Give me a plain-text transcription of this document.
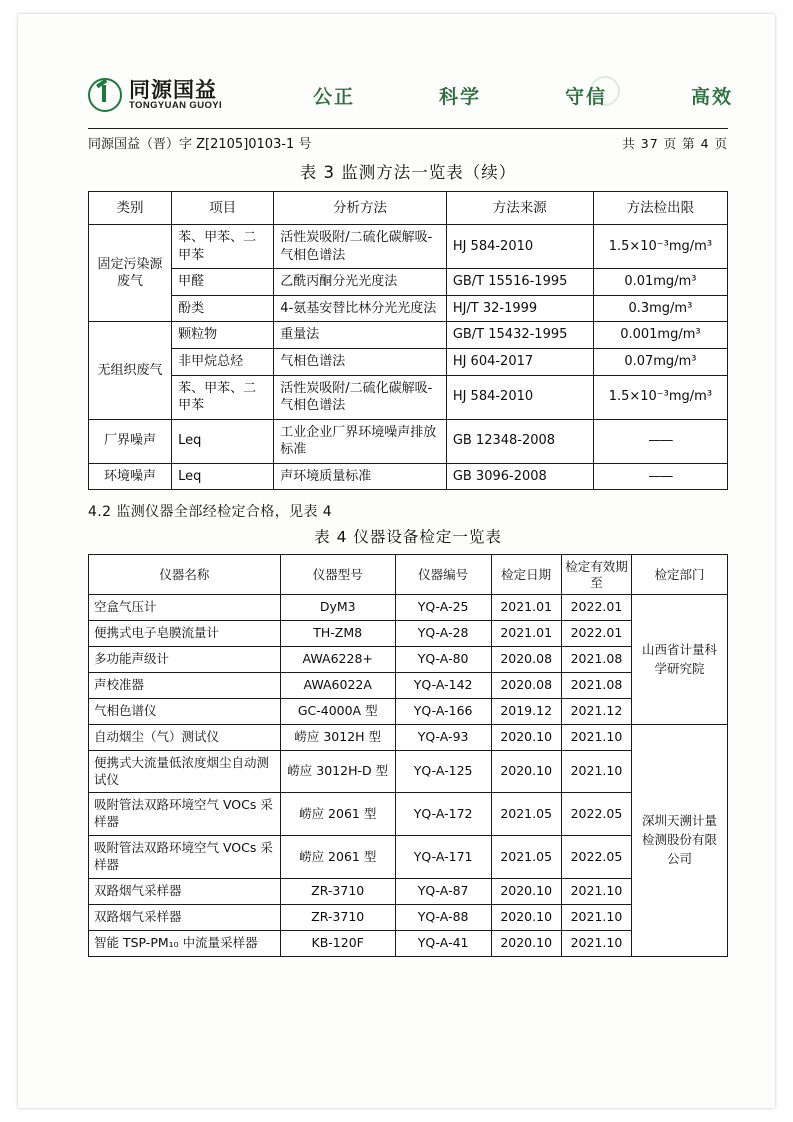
同源国益
TONGYUAN GUOYI	公正	科学	守信	高效
同源国益（晋）字 Z[2105]0103-1 号	共 37 页 第 4 页
表 3 监测方法一览表（续）
类别	项目	分析方法	方法来源	方法检出限
固定污染源废气	苯、甲苯、二甲苯	活性炭吸附/二硫化碳解吸-气相色谱法	HJ 584-2010	1.5×10⁻³mg/m³
	甲醛	乙酰丙酮分光光度法	GB/T 15516-1995	0.01mg/m³
	酚类	4-氨基安替比林分光光度法	HJ/T 32-1999	0.3mg/m³
无组织废气	颗粒物	重量法	GB/T 15432-1995	0.001mg/m³
	非甲烷总烃	气相色谱法	HJ 604-2017	0.07mg/m³
	苯、甲苯、二甲苯	活性炭吸附/二硫化碳解吸-气相色谱法	HJ 584-2010	1.5×10⁻³mg/m³
厂界噪声	Leq	工业企业厂界环境噪声排放标准	GB 12348-2008	——
环境噪声	Leq	声环境质量标准	GB 3096-2008	——
4.2 监测仪器全部经检定合格，见表 4
表 4 仪器设备检定一览表
仪器名称	仪器型号	仪器编号	检定日期	检定有效期至	检定部门
空盒气压计	DyM3	YQ-A-25	2021.01	2022.01	山西省计量科学研究院
便携式电子皂膜流量计	TH-ZM8	YQ-A-28	2021.01	2022.01	
多功能声级计	AWA6228+	YQ-A-80	2020.08	2021.08	
声校准器	AWA6022A	YQ-A-142	2020.08	2021.08	
气相色谱仪	GC-4000A 型	YQ-A-166	2019.12	2021.12	
自动烟尘（气）测试仪	崂应 3012H 型	YQ-A-93	2020.10	2021.10	深圳天溯计量检测股份有限公司
便携式大流量低浓度烟尘自动测试仪	崂应 3012H-D 型	YQ-A-125	2020.10	2021.10	
吸附管法双路环境空气 VOCs 采样器	崂应 2061 型	YQ-A-172	2021.05	2022.05	
吸附管法双路环境空气 VOCs 采样器	崂应 2061 型	YQ-A-171	2021.05	2022.05	
双路烟气采样器	ZR-3710	YQ-A-87	2020.10	2021.10	
双路烟气采样器	ZR-3710	YQ-A-88	2020.10	2021.10	
智能 TSP-PM₁₀ 中流量采样器	KB-120F	YQ-A-41	2020.10	2021.10	
